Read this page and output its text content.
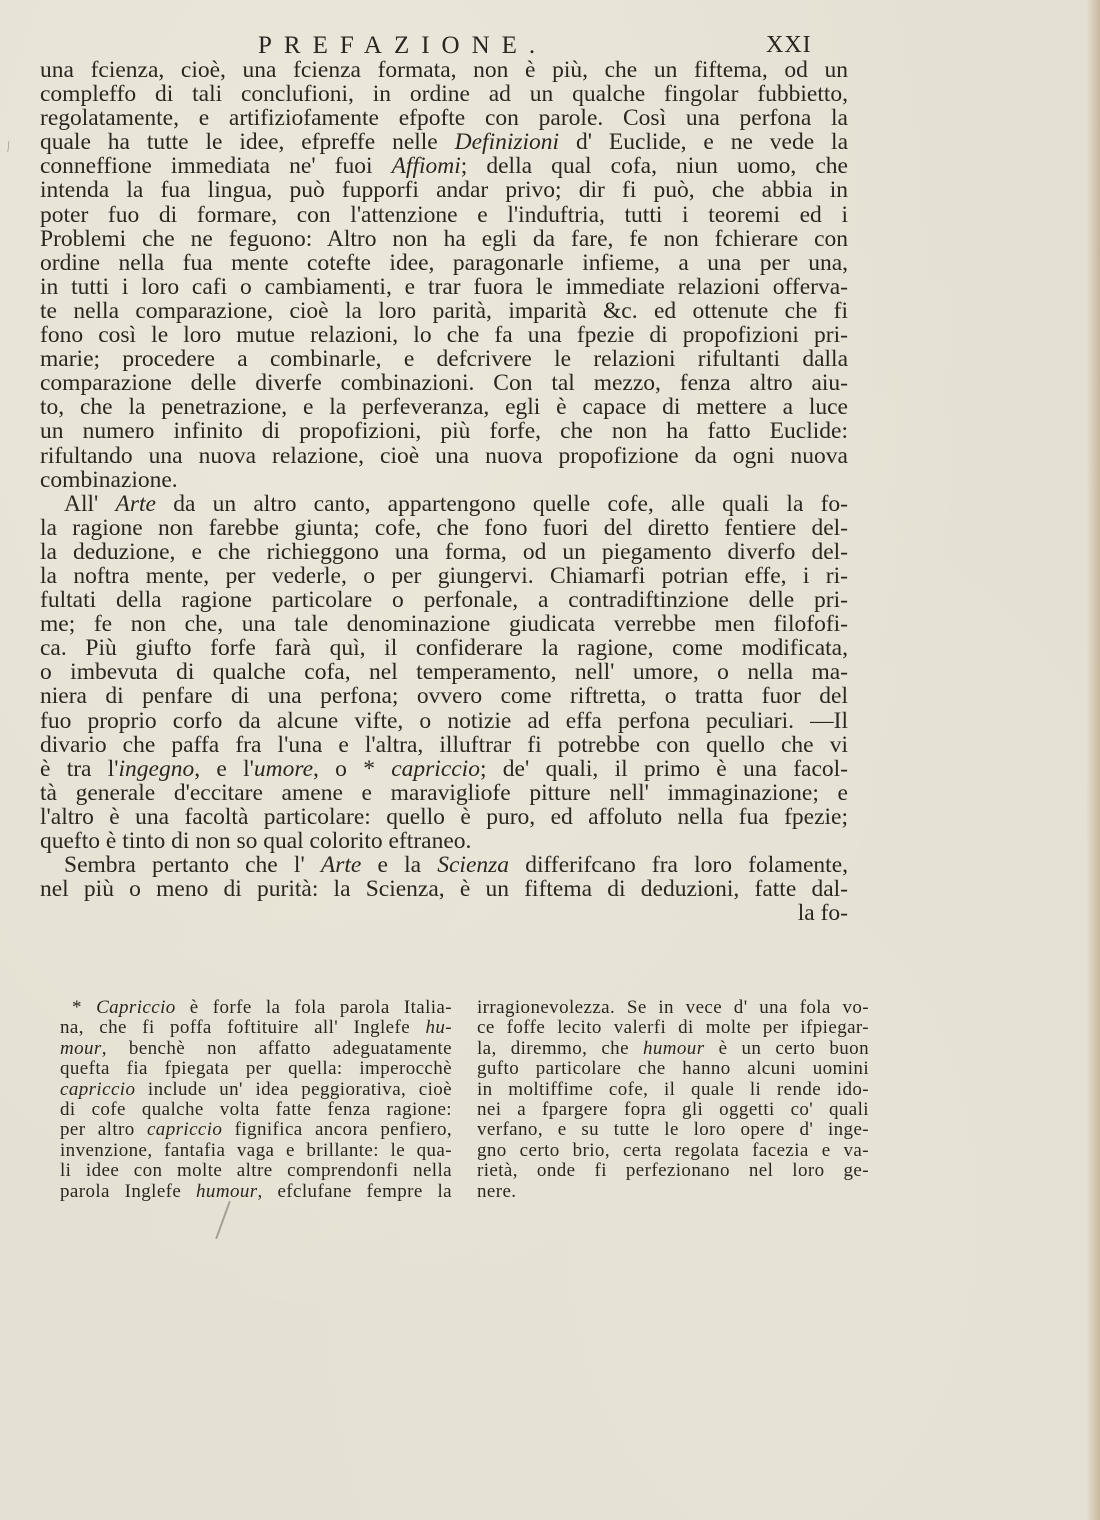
⁄
PREFAZIONE.	XXI
una fcienza, cioè, una fcienza formata, non è più, che un fiftema, od un
compleffo di tali conclufioni, in ordine ad un qualche fingolar fubbietto,
regolatamente, e artifiziofamente efpofte con parole. Così una perfona la
quale ha tutte le idee, efpreffe nelle Definizioni d' Euclide, e ne vede la
conneffione immediata ne' fuoi Affiomi; della qual cofa, niun uomo, che
intenda la fua lingua, può fupporfi andar privo; dir fi può, che abbia in
poter fuo di formare, con l'attenzione e l'induftria, tutti i teoremi ed i
Problemi che ne feguono: Altro non ha egli da fare, fe non fchierare con
ordine nella fua mente cotefte idee, paragonarle infieme, a una per una,
in tutti i loro cafi o cambiamenti, e trar fuora le immediate relazioni offerva-
te nella comparazione, cioè la loro parità, imparità &c. ed ottenute che fi
fono così le loro mutue relazioni, lo che fa una fpezie di propofizioni pri-
marie; procedere a combinarle, e defcrivere le relazioni rifultanti dalla
comparazione delle diverfe combinazioni. Con tal mezzo, fenza altro aiu-
to, che la penetrazione, e la perfeveranza, egli è capace di mettere a luce
un numero infinito di propofizioni, più forfe, che non ha fatto Euclide:
rifultando una nuova relazione, cioè una nuova propofizione da ogni nuova
combinazione.
All' Arte da un altro canto, appartengono quelle cofe, alle quali la fo-
la ragione non farebbe giunta; cofe, che fono fuori del diretto fentiere del-
la deduzione, e che richieggono una forma, od un piegamento diverfo del-
la noftra mente, per vederle, o per giungervi. Chiamarfi potrian effe, i ri-
fultati della ragione particolare o perfonale, a contradiftinzione delle pri-
me; fe non che, una tale denominazione giudicata verrebbe men filofofi-
ca. Più giufto forfe farà quì, il confiderare la ragione, come modificata,
o imbevuta di qualche cofa, nel temperamento, nell' umore, o nella ma-
niera di penfare di una perfona; ovvero come riftretta, o tratta fuor del
fuo proprio corfo da alcune vifte, o notizie ad effa perfona peculiari. —Il
divario che paffa fra l'una e l'altra, illuftrar fi potrebbe con quello che vi
è tra l'ingegno, e l'umore, o * capriccio; de' quali, il primo è una facol-
tà generale d'eccitare amene e maravigliofe pitture nell' immaginazione; e
l'altro è una facoltà particolare: quello è puro, ed affoluto nella fua fpezie;
quefto è tinto di non so qual colorito eftraneo.
Sembra pertanto che l' Arte e la Scienza differifcano fra loro folamente,
nel più o meno di purità: la Scienza, è un fiftema di deduzioni, fatte dal-
la fo-
* Capriccio è forfe la fola parola Italia-
na, che fi poffa foftituire all' Inglefe hu-
mour, benchè non affatto adeguatamente
quefta fia fpiegata per quella: imperocchè
capriccio include un' idea peggiorativa, cioè
di cofe qualche volta fatte fenza ragione:
per altro capriccio fignifica ancora penfiero,
invenzione, fantafia vaga e brillante: le qua-
li idee con molte altre comprendonfi nella
parola Inglefe humour, efclufane fempre la
irragionevolezza. Se in vece d' una fola vo-
ce foffe lecito valerfi di molte per ifpiegar-
la, diremmo, che humour è un certo buon
gufto particolare che hanno alcuni uomini
in moltiffime cofe, il quale li rende ido-
nei a fpargere fopra gli oggetti co' quali
verfano, e su tutte le loro opere d' inge-
gno certo brio, certa regolata facezia e va-
rietà, onde fi perfezionano nel loro ge-
nere.
